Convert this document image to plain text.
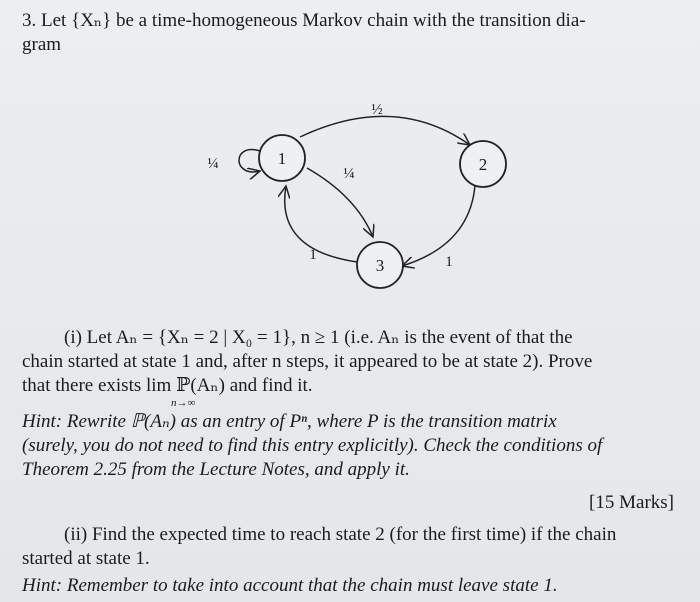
3. Let {Xₙ} be a time-homogeneous Markov chain with the transition dia-
gram
½
¼
¼
1	1
1	2
3
(i) Let Aₙ = {Xₙ = 2 | X₀ = 1}, n ≥ 1 (i.e. Aₙ is the event of that the
chain started at state 1 and, after n steps, it appeared to be at state 2). Prove
that there exists lim ℙ(Aₙ) and find it.
n→∞
Hint: Rewrite ℙ(Aₙ) as an entry of Pⁿ, where P is the transition matrix
(surely, you do not need to find this entry explicitly). Check the conditions of
Theorem 2.25 from the Lecture Notes, and apply it.
[15 Marks]
(ii) Find the expected time to reach state 2 (for the first time) if the chain
started at state 1.
Hint: Remember to take into account that the chain must leave state 1.
